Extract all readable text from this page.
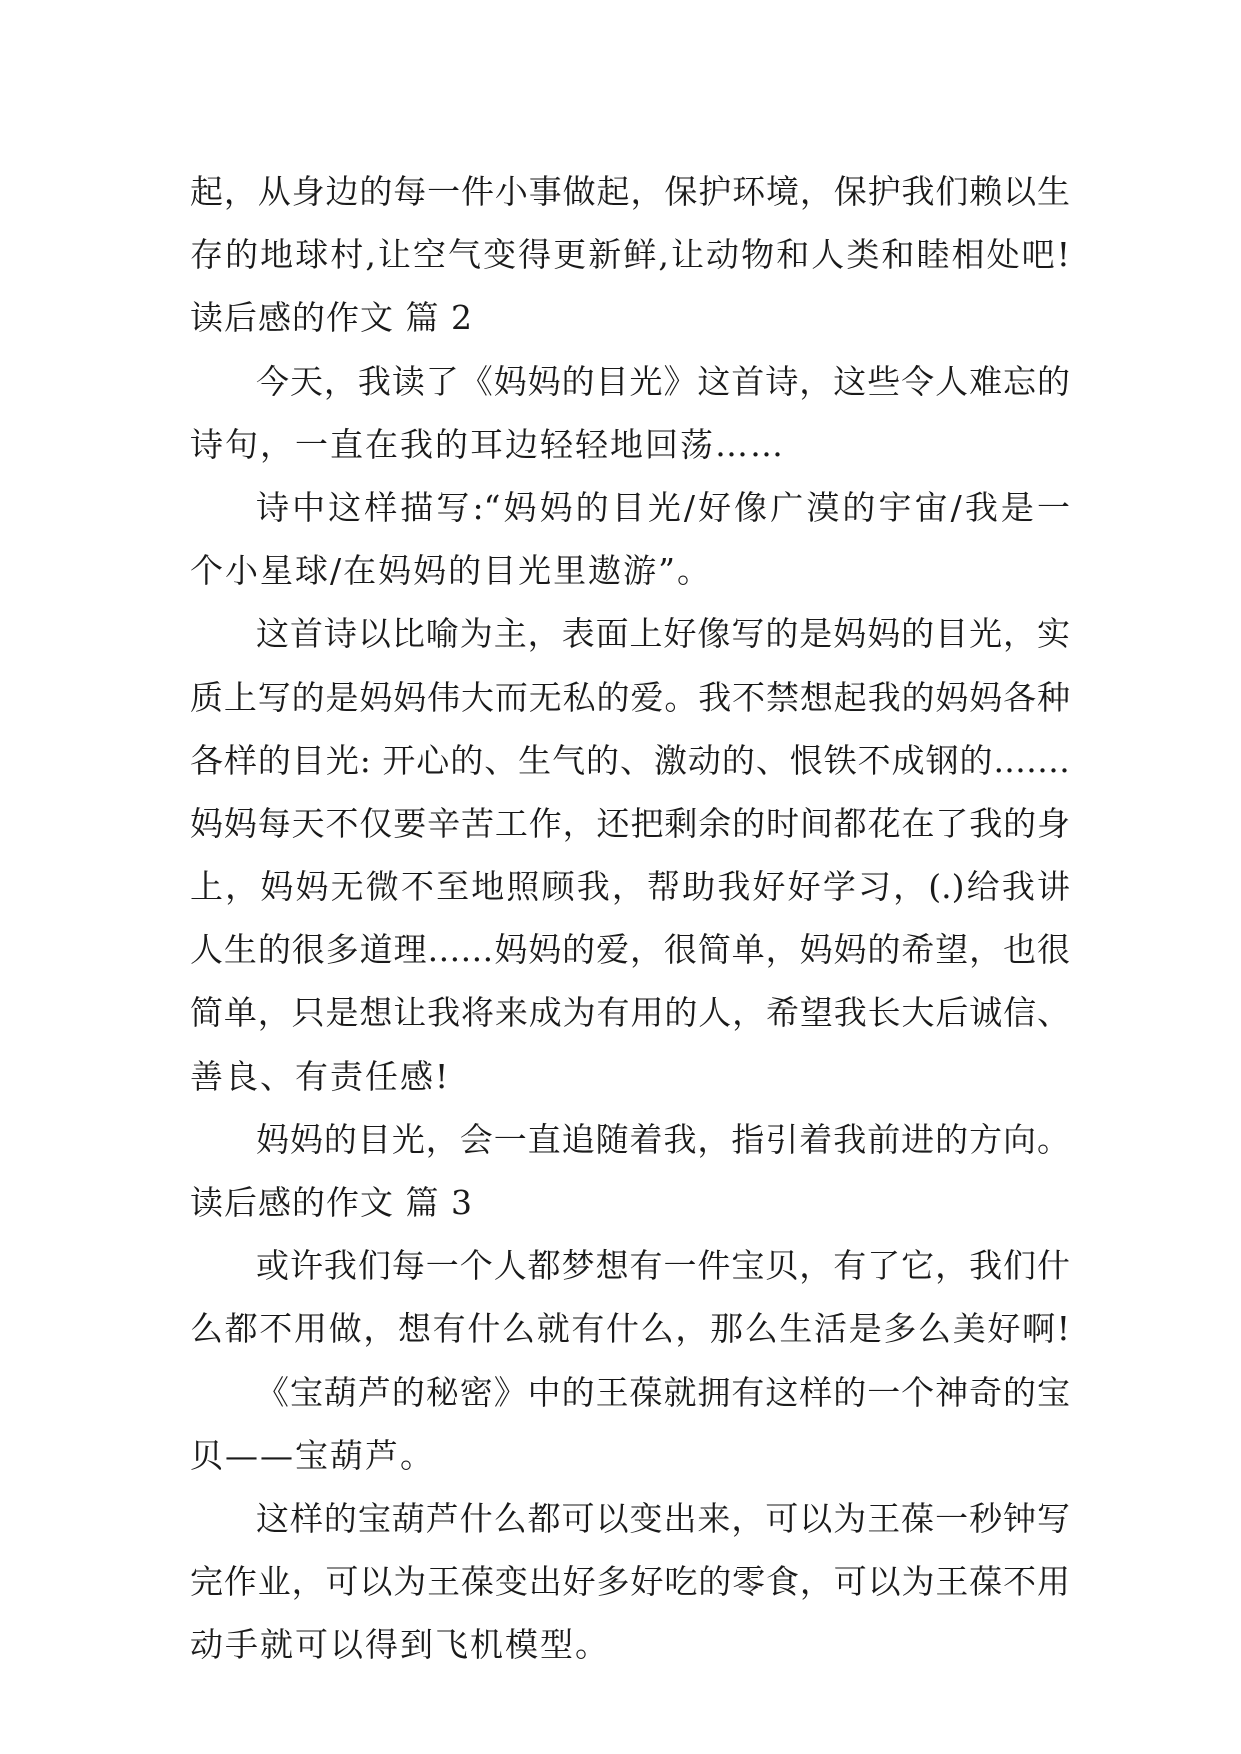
起，从身边的每一件小事做起，保护环境，保护我们赖以生
存的地球村,让空气变得更新鲜,让动物和人类和睦相处吧!
读后感的作文 篇 2
今天，我读了《妈妈的目光》这首诗，这些令人难忘的
诗句，一直在我的耳边轻轻地回荡……
诗中这样描写:“妈妈的目光/好像广漠的宇宙/我是一
个小星球/在妈妈的目光里遨游”。
这首诗以比喻为主，表面上好像写的是妈妈的目光，实
质上写的是妈妈伟大而无私的爱。我不禁想起我的妈妈各种
各样的目光: 开心的、生气的、激动的、恨铁不成钢的.……
妈妈每天不仅要辛苦工作，还把剩余的时间都花在了我的身
上，妈妈无微不至地照顾我，帮助我好好学习，(.)给我讲
人生的很多道理……妈妈的爱，很简单，妈妈的希望，也很
简单，只是想让我将来成为有用的人，希望我长大后诚信、
善良、有责任感!
妈妈的目光，会一直追随着我，指引着我前进的方向。
读后感的作文 篇 3
或许我们每一个人都梦想有一件宝贝，有了它，我们什
么都不用做，想有什么就有什么，那么生活是多么美好啊!
《宝葫芦的秘密》中的王葆就拥有这样的一个神奇的宝
贝——宝葫芦。
这样的宝葫芦什么都可以变出来，可以为王葆一秒钟写
完作业，可以为王葆变出好多好吃的零食，可以为王葆不用
动手就可以得到飞机模型。
